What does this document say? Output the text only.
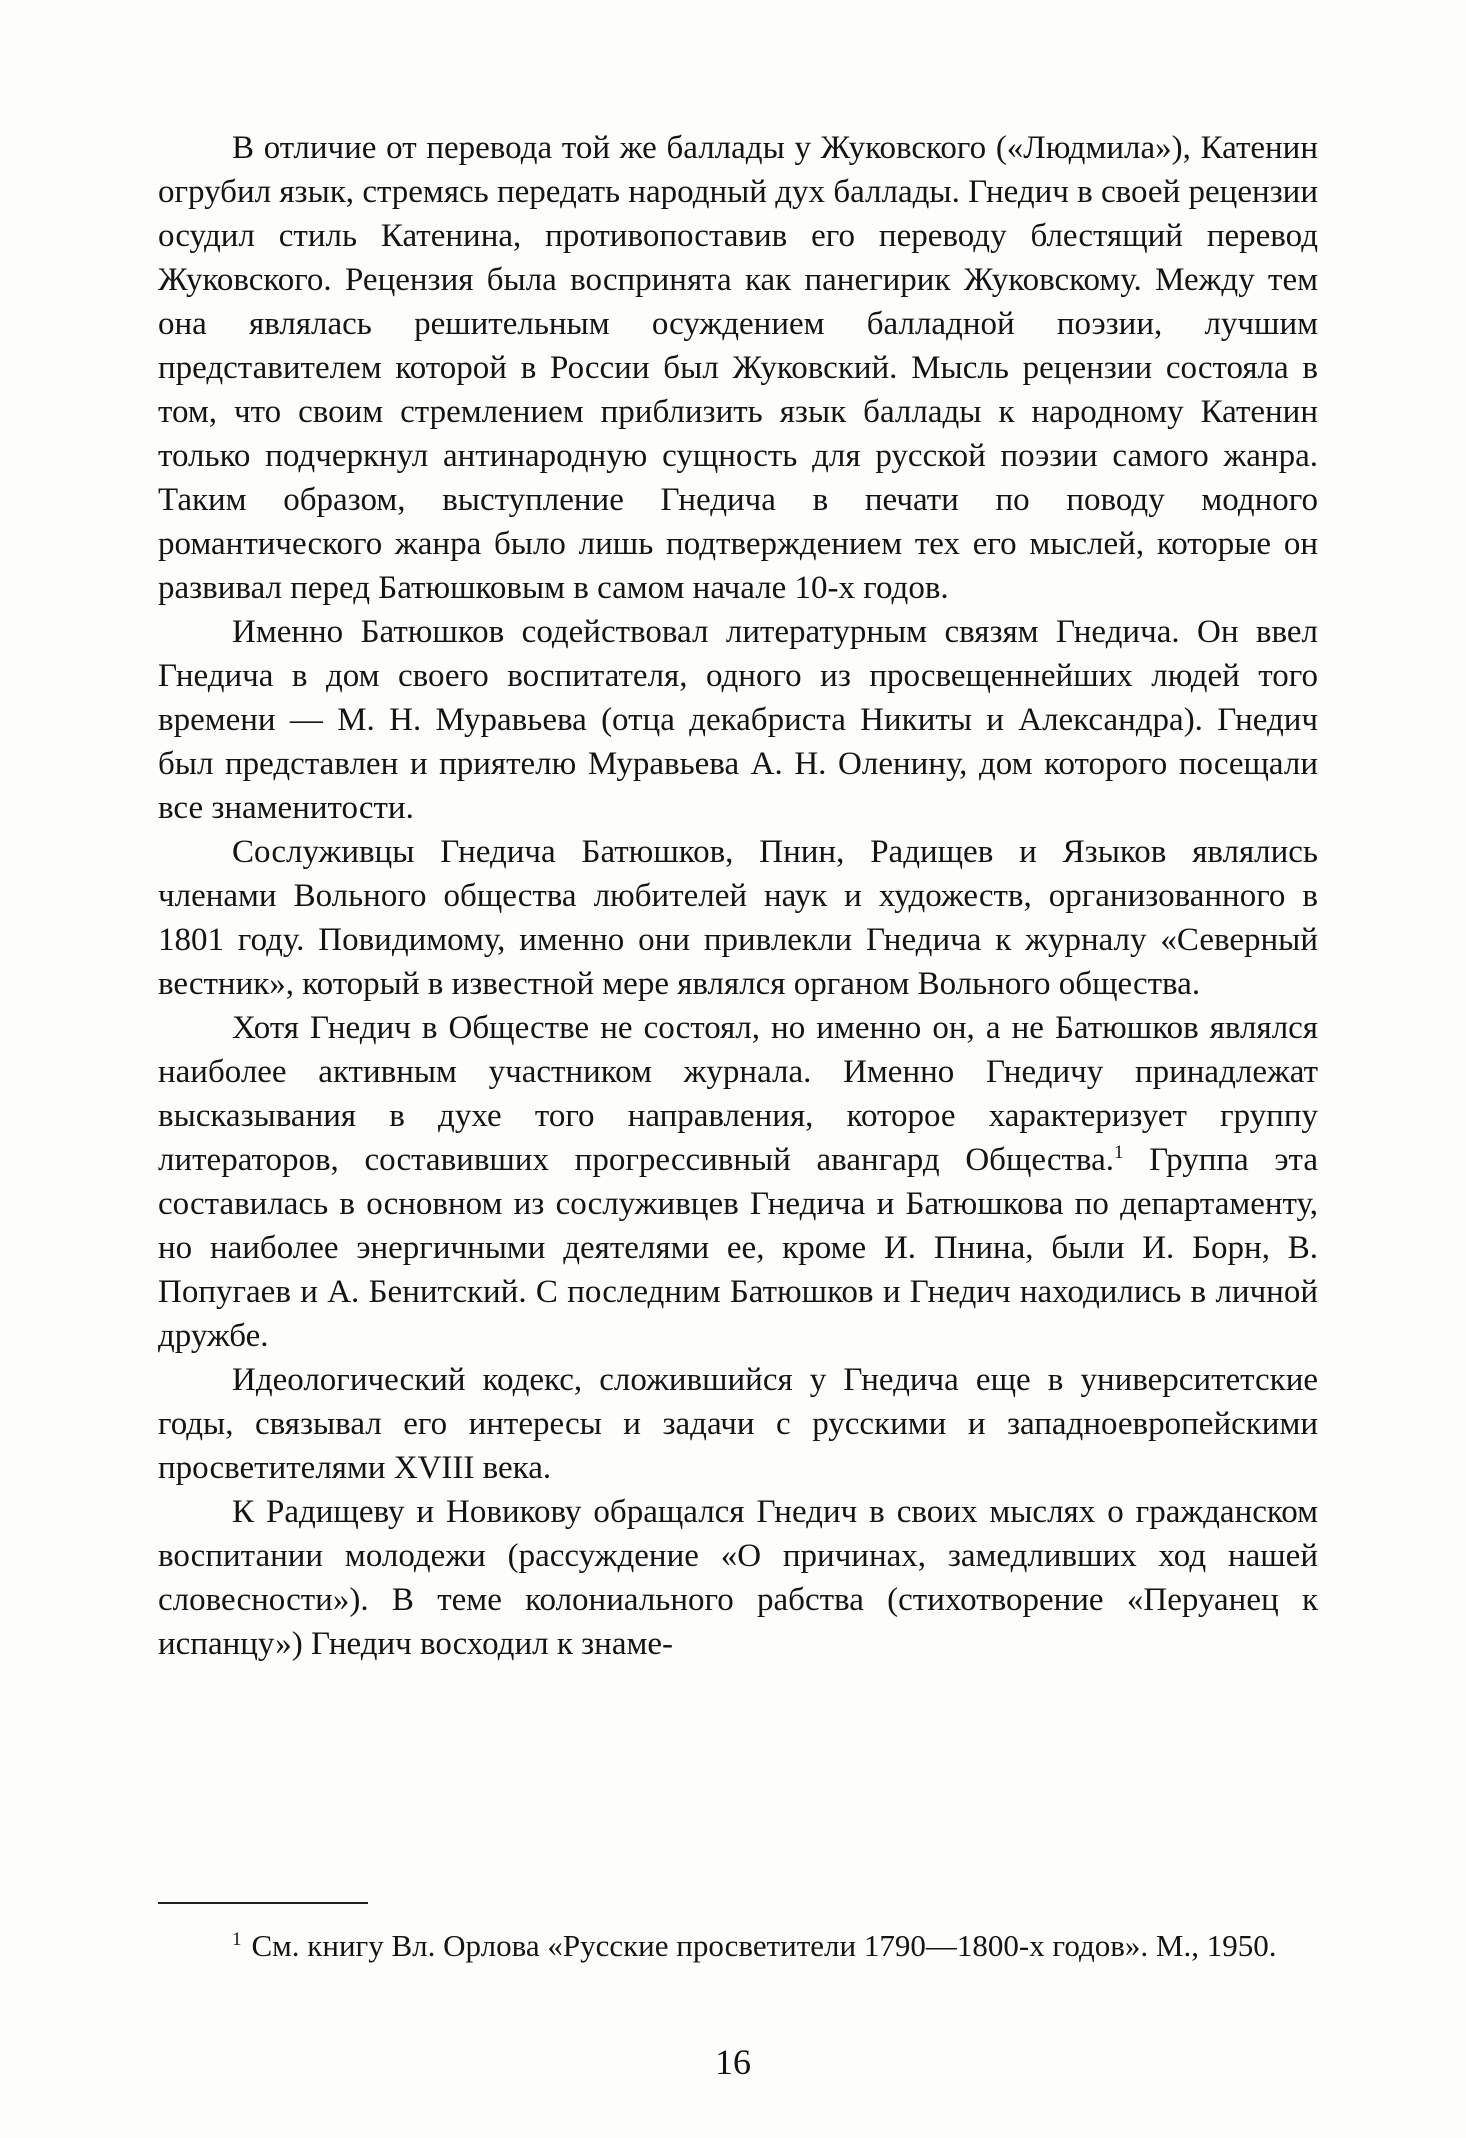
В отличие от перевода той же баллады у Жуковского («Людмила»), Катенин огрубил язык, стремясь передать народный дух баллады. Гнедич в своей рецензии осудил стиль Катенина, противопоставив его переводу блестящий перевод Жуковского. Рецензия была воспринята как панегирик Жуковскому. Между тем она являлась решительным осуждением балладной поэзии, лучшим представителем которой в России был Жуковский. Мысль рецензии состояла в том, что своим стремлением приблизить язык баллады к народному Катенин только подчеркнул антинародную сущность для русской поэзии самого жанра. Таким образом, выступление Гнедича в печати по поводу модного романтического жанра было лишь подтверждением тех его мыслей, которые он развивал перед Батюшковым в самом начале 10-х годов.

Именно Батюшков содействовал литературным связям Гнедича. Он ввел Гнедича в дом своего воспитателя, одного из просвещеннейших людей того времени — М. Н. Муравьева (отца декабриста Никиты и Александра). Гнедич был представлен и приятелю Муравьева А. Н. Оленину, дом которого посещали все знаменитости.

Сослуживцы Гнедича Батюшков, Пнин, Радищев и Языков являлись членами Вольного общества любителей наук и художеств, организованного в 1801 году. Повидимому, именно они привлекли Гнедича к журналу «Северный вестник», который в известной мере являлся органом Вольного общества.

Хотя Гнедич в Обществе не состоял, но именно он, а не Батюшков являлся наиболее активным участником журнала. Именно Гнедичу принадлежат высказывания в духе того направления, которое характеризует группу литераторов, составивших прогрессивный авангард Общества.$^1$ Группа эта составилась в основном из сослуживцев Гнедича и Батюшкова по департаменту, но наиболее энергичными деятелями ее, кроме И. Пнина, были И. Борн, В. Попугаев и А. Бенитский. С последним Батюшков и Гнедич находились в личной дружбе.

Идеологический кодекс, сложившийся у Гнедича еще в университетские годы, связывал его интересы и задачи с русскими и западноевропейскими просветителями XVIII века.

К Радищеву и Новикову обращался Гнедич в своих мыслях о гражданском воспитании молодежи (рассуждение «О причинах, замедливших ход нашей словесности»). В теме колониального рабства (стихотворение «Перуанец к испанцу») Гнедич восходил к знаме-

$^1$ См. книгу Вл. Орлова «Русские просветители 1790—1800-х годов». М., 1950.

16
